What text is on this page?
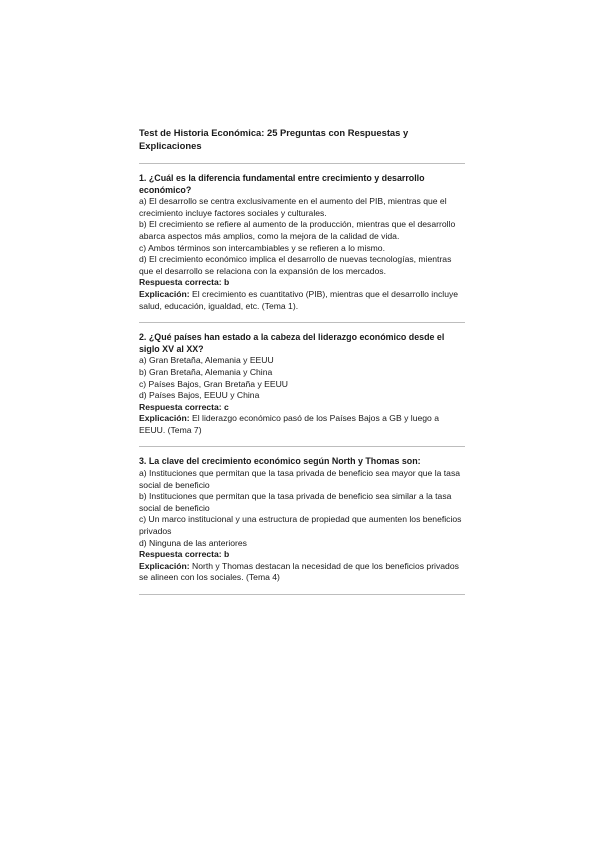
Test de Historia Económica: 25 Preguntas con Respuestas y Explicaciones

1. ¿Cuál es la diferencia fundamental entre crecimiento y desarrollo económico?

a) El desarrollo se centra exclusivamente en el aumento del PIB, mientras que el crecimiento incluye factores sociales y culturales.

b) El crecimiento se refiere al aumento de la producción, mientras que el desarrollo abarca aspectos más amplios, como la mejora de la calidad de vida.

c) Ambos términos son intercambiables y se refieren a lo mismo.

d) El crecimiento económico implica el desarrollo de nuevas tecnologías, mientras que el desarrollo se relaciona con la expansión de los mercados.

Respuesta correcta: b

Explicación: El crecimiento es cuantitativo (PIB), mientras que el desarrollo incluye salud, educación, igualdad, etc. (Tema 1).

2. ¿Qué países han estado a la cabeza del liderazgo económico desde el siglo XV al XX?

a) Gran Bretaña, Alemania y EEUU

b) Gran Bretaña, Alemania y China

c) Países Bajos, Gran Bretaña y EEUU

d) Países Bajos, EEUU y China

Respuesta correcta: c

Explicación: El liderazgo económico pasó de los Países Bajos a GB y luego a EEUU. (Tema 7)

3. La clave del crecimiento económico según North y Thomas son:

a) Instituciones que permitan que la tasa privada de beneficio sea mayor que la tasa social de beneficio

b) Instituciones que permitan que la tasa privada de beneficio sea similar a la tasa social de beneficio

c) Un marco institucional y una estructura de propiedad que aumenten los beneficios privados

d) Ninguna de las anteriores

Respuesta correcta: b

Explicación: North y Thomas destacan la necesidad de que los beneficios privados se alineen con los sociales. (Tema 4)
